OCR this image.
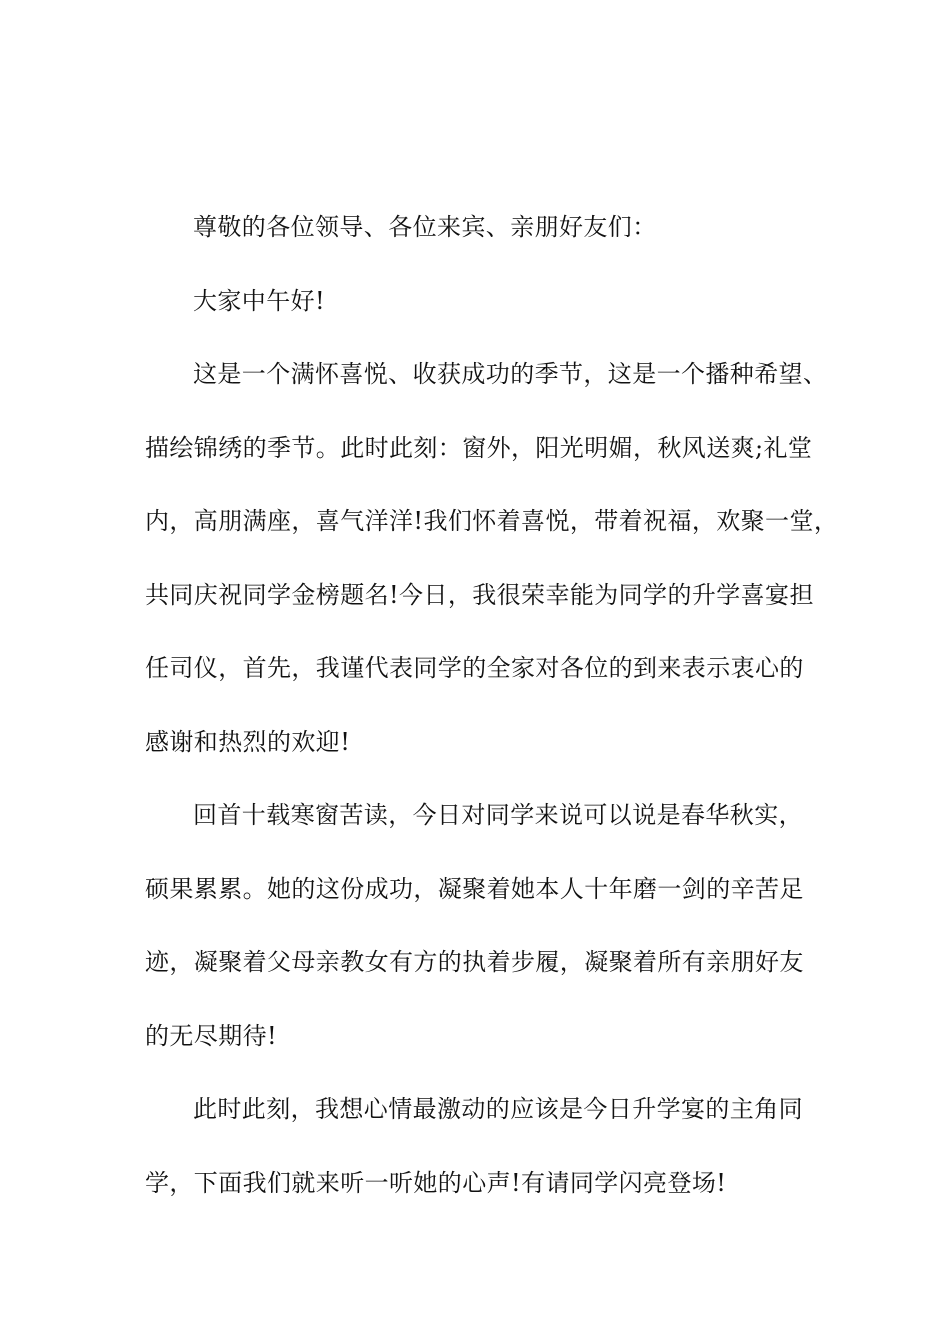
尊敬的各位领导、各位来宾、亲朋好友们：
大家中午好!
这是一个满怀喜悦、收获成功的季节，这是一个播种希望、
描绘锦绣的季节。此时此刻：窗外，阳光明媚，秋风送爽;礼堂
内，高朋满座，喜气洋洋!我们怀着喜悦，带着祝福，欢聚一堂，
共同庆祝同学金榜题名!今日，我很荣幸能为同学的升学喜宴担
任司仪，首先，我谨代表同学的全家对各位的到来表示衷心的
感谢和热烈的欢迎!
回首十载寒窗苦读，今日对同学来说可以说是春华秋实，
硕果累累。她的这份成功，凝聚着她本人十年磨一剑的辛苦足
迹，凝聚着父母亲教女有方的执着步履，凝聚着所有亲朋好友
的无尽期待!
此时此刻，我想心情最激动的应该是今日升学宴的主角同
学，下面我们就来听一听她的心声!有请同学闪亮登场!
